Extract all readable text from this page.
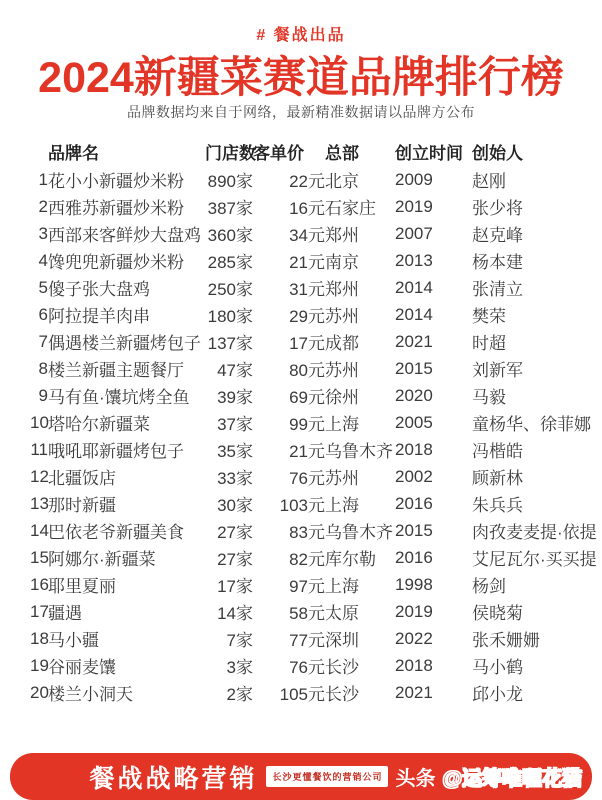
# 餐战出品
2024新疆菜赛道品牌排行榜
品牌数据均来自于网络，最新精准数据请以品牌方公布
	品牌名	门店数	客单价	总部	创立时间	创始人
1	花小小新疆炒米粉	890家	22元	北京	2009	赵刚
2	西雅苏新疆炒米粉	387家	16元	石家庄	2019	张少将
3	西部来客鲜炒大盘鸡	360家	34元	郑州	2007	赵克峰
4	馋兜兜新疆炒米粉	285家	21元	南京	2013	杨本建
5	傻子张大盘鸡	250家	31元	郑州	2014	张清立
6	阿拉提羊肉串	180家	29元	苏州	2014	樊荣
7	偶遇楼兰新疆烤包子	137家	17元	成都	2021	时超
8	楼兰新疆主题餐厅	47家	80元	苏州	2015	刘新军
9	马有鱼·馕坑烤全鱼	39家	69元	徐州	2020	马毅
10	塔哈尔新疆菜	37家	99元	上海	2005	童杨华、徐菲娜
11	哦吼耶新疆烤包子	35家	21元	乌鲁木齐	2018	冯楷皓
12	北疆饭店	33家	76元	苏州	2002	顾新林
13	那时新疆	30家	103元	上海	2016	朱兵兵
14	巴依老爷新疆美食	27家	83元	乌鲁木齐	2015	肉孜麦麦提·依提
15	阿娜尔·新疆菜	27家	82元	库尔勒	2016	艾尼瓦尔·买买提
16	耶里夏丽	17家	97元	上海	1998	杨剑
17	疆遇	14家	58元	太原	2019	侯晓菊
18	马小疆	7家	77元	深圳	2022	张禾姗姗
19	谷丽麦馕	3家	76元	长沙	2018	马小鹤
20	楼兰小洞天	2家	105元	长沙	2021	邱小龙
餐战战略营销	长沙更懂餐饮的营销公司 头条 @运筹唯喔花猫
